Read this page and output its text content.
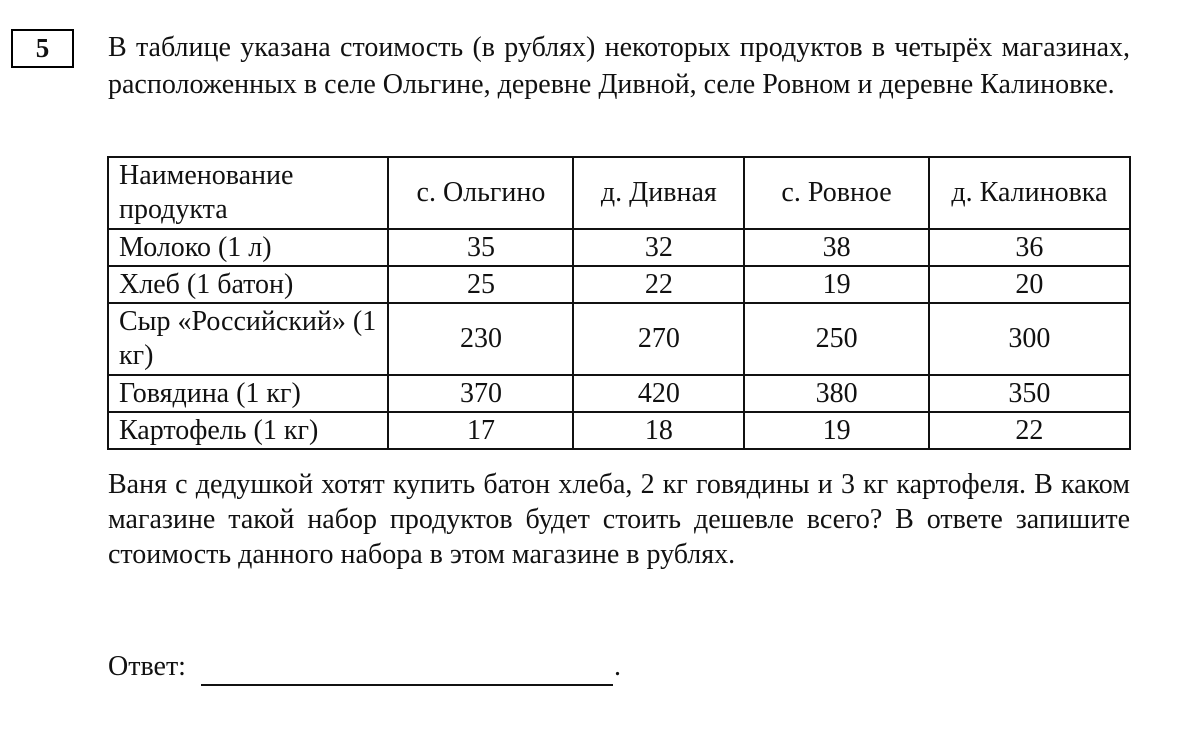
5	В таблице указана стоимость (в рублях) некоторых продуктов в четырёх магазинах, расположенных в селе Ольгине, деревне Дивной, селе Ровном и деревне Калиновке.

Наименование продукта	с. Ольгино	д. Дивная	с. Ровное	д. Калиновка
Молоко (1 л)	35	32	38	36
Хлеб (1 батон)	25	22	19	20
Сыр «Российский» (1 кг)	230	270	250	300
Говядина (1 кг)	370	420	380	350
Картофель (1 кг)	17	18	19	22

Ваня с дедушкой хотят купить батон хлеба, 2 кг говядины и 3 кг картофеля. В каком магазине такой набор продуктов будет стоить дешевле всего? В ответе запишите стоимость данного набора в этом магазине в рублях.

Ответ:	.
